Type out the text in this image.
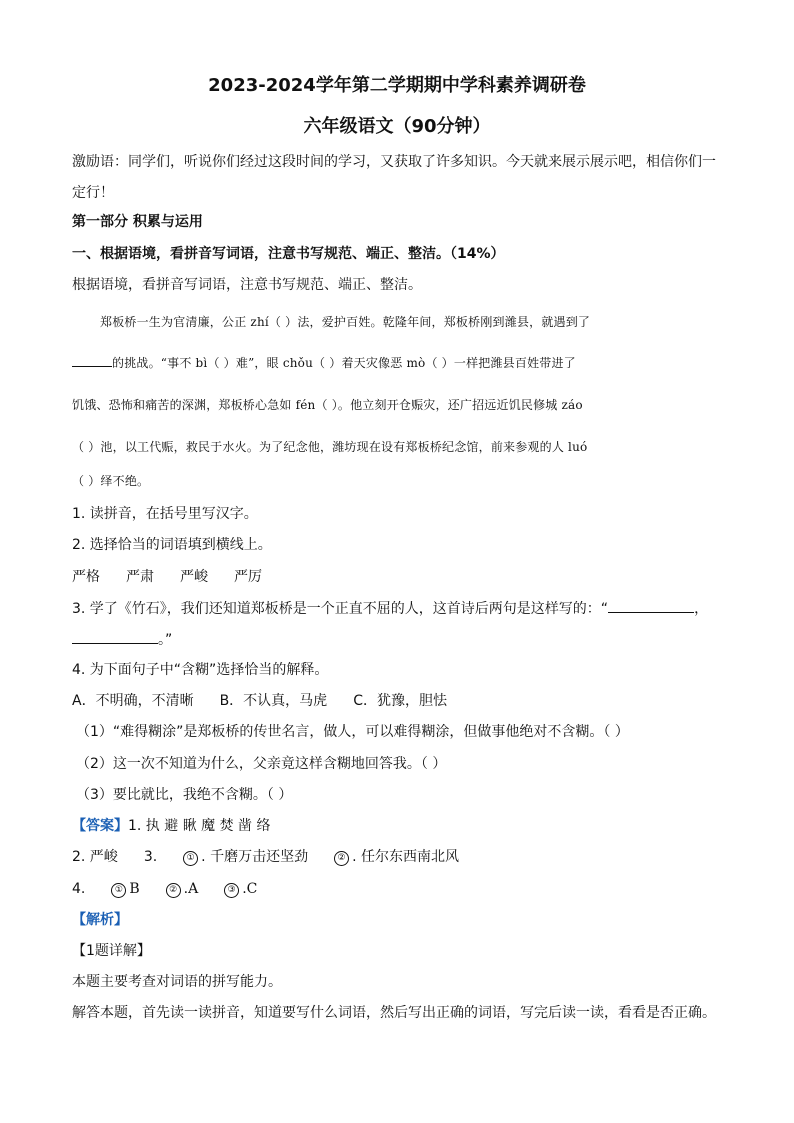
2023-2024学年第二学期期中学科素养调研卷
六年级语文（90分钟）
激励语：同学们，听说你们经过这段时间的学习，又获取了许多知识。今天就来展示展示吧，相信你们一
定行！
第一部分 积累与运用
一、根据语境，看拼音写词语，注意书写规范、端正、整洁。（14%）
根据语境，看拼音写词语，注意书写规范、端正、整洁。
郑板桥一生为官清廉，公正 zhí（ ）法，爱护百姓。乾隆年间，郑板桥刚到潍县，就遇到了
的挑战。“事不 bì（ ）难”，眼 chǒu（ ）着天灾像恶 mò（ ）一样把潍县百姓带进了
饥饿、恐怖和痛苦的深渊，郑板桥心急如 fén（ ）。他立刻开仓赈灾，还广招远近饥民修城 záo
（ ）池，以工代赈，救民于水火。为了纪念他，潍坊现在设有郑板桥纪念馆，前来参观的人 luó
（ ）绎不绝。
1. 读拼音，在括号里写汉字。
2. 选择恰当的词语填到横线上。
严格 严肃 严峻 严厉
3. 学了《竹石》，我们还知道郑板桥是一个正直不屈的人，这首诗后两句是这样写的：“	，
。”
4. 为下面句子中“含糊”选择恰当的解释。
A．不明确，不清晰 B．不认真，马虎 C．犹豫，胆怯
（1）“难得糊涂”是郑板桥的传世名言，做人，可以难得糊涂，但做事他绝对不含糊。（ ）
（2）这一次不知道为什么，父亲竟这样含糊地回答我。（ ）
（3）要比就比，我绝不含糊。（ ）
【答案】1. 执 避 瞅 魔 焚 凿 络
2. 严峻 3.	① . 千磨万击还坚劲	② . 任尔东西南北风
4.	① B	② .A	③ .C
【解析】
【1题详解】
本题主要考查对词语的拼写能力。
解答本题，首先读一读拼音，知道要写什么词语，然后写出正确的词语，写完后读一读，看看是否正确。
